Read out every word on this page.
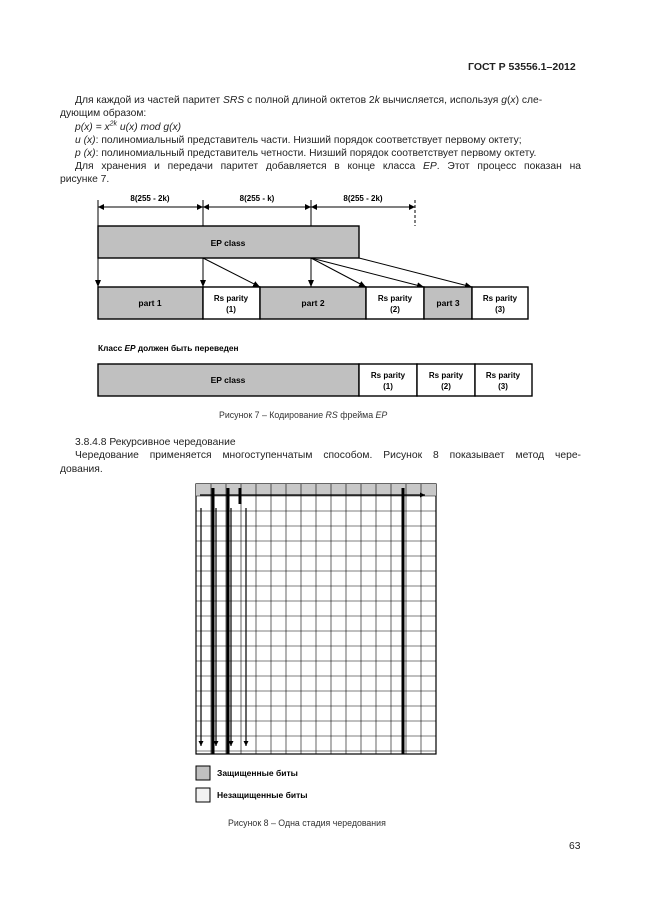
ГОСТ Р 53556.1–2012
Для каждой из частей паритет SRS с полной длиной октетов 2k вычисляется, используя g(x) сле-
дующим образом:
$p(x) = x^{2k}$ u(x) mod g(x)
u (x): полиномиальный представитель части. Низший порядок соответствует первому октету;
p (x): полиномиальный представитель четности. Низший порядок соответствует первому октету.
Для хранения и передачи паритет добавляется в конце класса EP. Этот процесс показан на
рисунке 7.
8(255 - 2k)	8(255 - k)	8(255 - 2k)
EP class
part 1	Rs parity
(1)
part 2	Rs parity
(2)
part 3	Rs parity
(3)
Класс EP должен быть переведен
EP class	Rs parity
(1)
Rs parity
(2)
Rs parity
(3)
Рисунок 7 – Кодирование RS фрейма EP
3.8.4.8 Рекурсивное чередование
Чередование применяется многоступенчатым способом. Рисунок 8 показывает метод чере-
дования.
Защищенные биты
Незащищенные биты
Рисунок 8 – Одна стадия чередования
63
